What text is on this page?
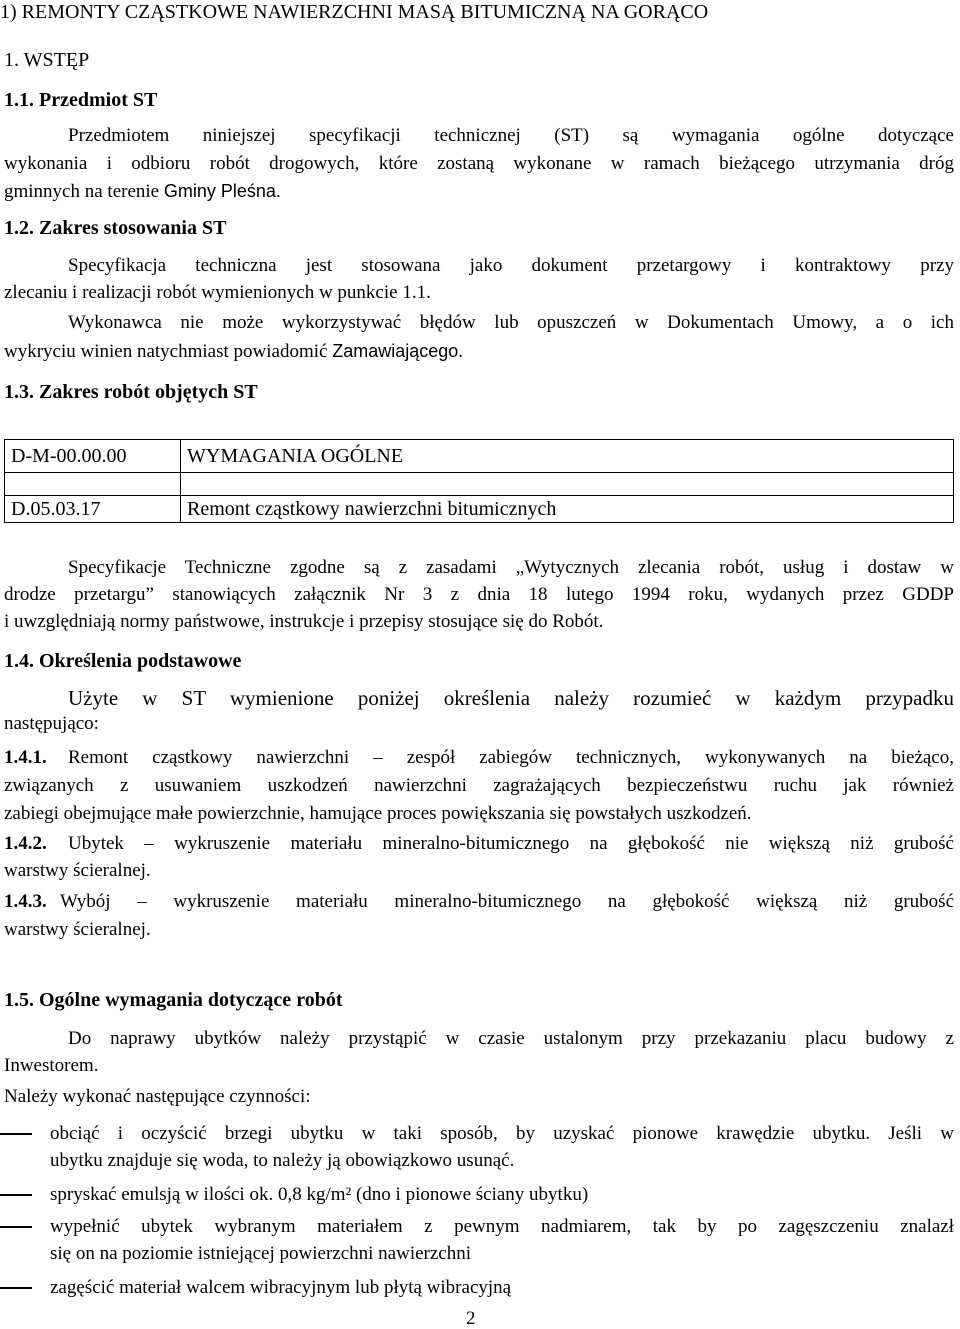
1) REMONTY CZĄSTKOWE NAWIERZCHNI MASĄ BITUMICZNĄ NA GORĄCO
1. WSTĘP
1.1. Przedmiot ST
Przedmiotem niniejszej specyfikacji technicznej (ST) są wymagania ogólne dotyczące
wykonania i odbioru robót drogowych, które zostaną wykonane w ramach bieżącego utrzymania dróg
gminnych na terenie Gminy Pleśna.
1.2. Zakres stosowania ST
Specyfikacja techniczna jest stosowana jako dokument przetargowy i kontraktowy przy
zlecaniu i realizacji robót wymienionych w punkcie 1.1.
Wykonawca nie może wykorzystywać błędów lub opuszczeń w Dokumentach Umowy, a o ich
wykryciu winien natychmiast powiadomić Zamawiającego.
1.3. Zakres robót objętych ST
D-M-00.00.00	WYMAGANIA OGÓLNE

D.05.03.17	Remont cząstkowy nawierzchni bitumicznych
Specyfikacje Techniczne zgodne są z zasadami „Wytycznych zlecania robót, usług i dostaw w
drodze przetargu” stanowiących załącznik Nr 3 z dnia 18 lutego 1994 roku, wydanych przez GDDP
i uwzględniają normy państwowe, instrukcje i przepisy stosujące się do Robót.
1.4. Określenia podstawowe
Użyte w ST wymienione poniżej określenia należy rozumieć w każdym przypadku
następująco:
1.4.1. Remont cząstkowy nawierzchni – zespół zabiegów technicznych, wykonywanych na bieżąco,
związanych z usuwaniem uszkodzeń nawierzchni zagrażających bezpieczeństwu ruchu jak również
zabiegi obejmujące małe powierzchnie, hamujące proces powiększania się powstałych uszkodzeń.
1.4.2. Ubytek – wykruszenie materiału mineralno-bitumicznego na głębokość nie większą niż grubość
warstwy ścieralnej.
1.4.3. Wybój – wykruszenie materiału mineralno-bitumicznego na głębokość większą niż grubość
warstwy ścieralnej.
1.5. Ogólne wymagania dotyczące robót
Do naprawy ubytków należy przystąpić w czasie ustalonym przy przekazaniu placu budowy z
Inwestorem.
Należy wykonać następujące czynności:
obciąć i oczyścić brzegi ubytku w taki sposób, by uzyskać pionowe krawędzie ubytku. Jeśli w
ubytku znajduje się woda, to należy ją obowiązkowo usunąć.
spryskać emulsją w ilości ok. 0,8 kg/m² (dno i pionowe ściany ubytku)
wypełnić ubytek wybranym materiałem z pewnym nadmiarem, tak by po zagęszczeniu znalazł
się on na poziomie istniejącej powierzchni nawierzchni
zagęścić materiał walcem wibracyjnym lub płytą wibracyjną
2
